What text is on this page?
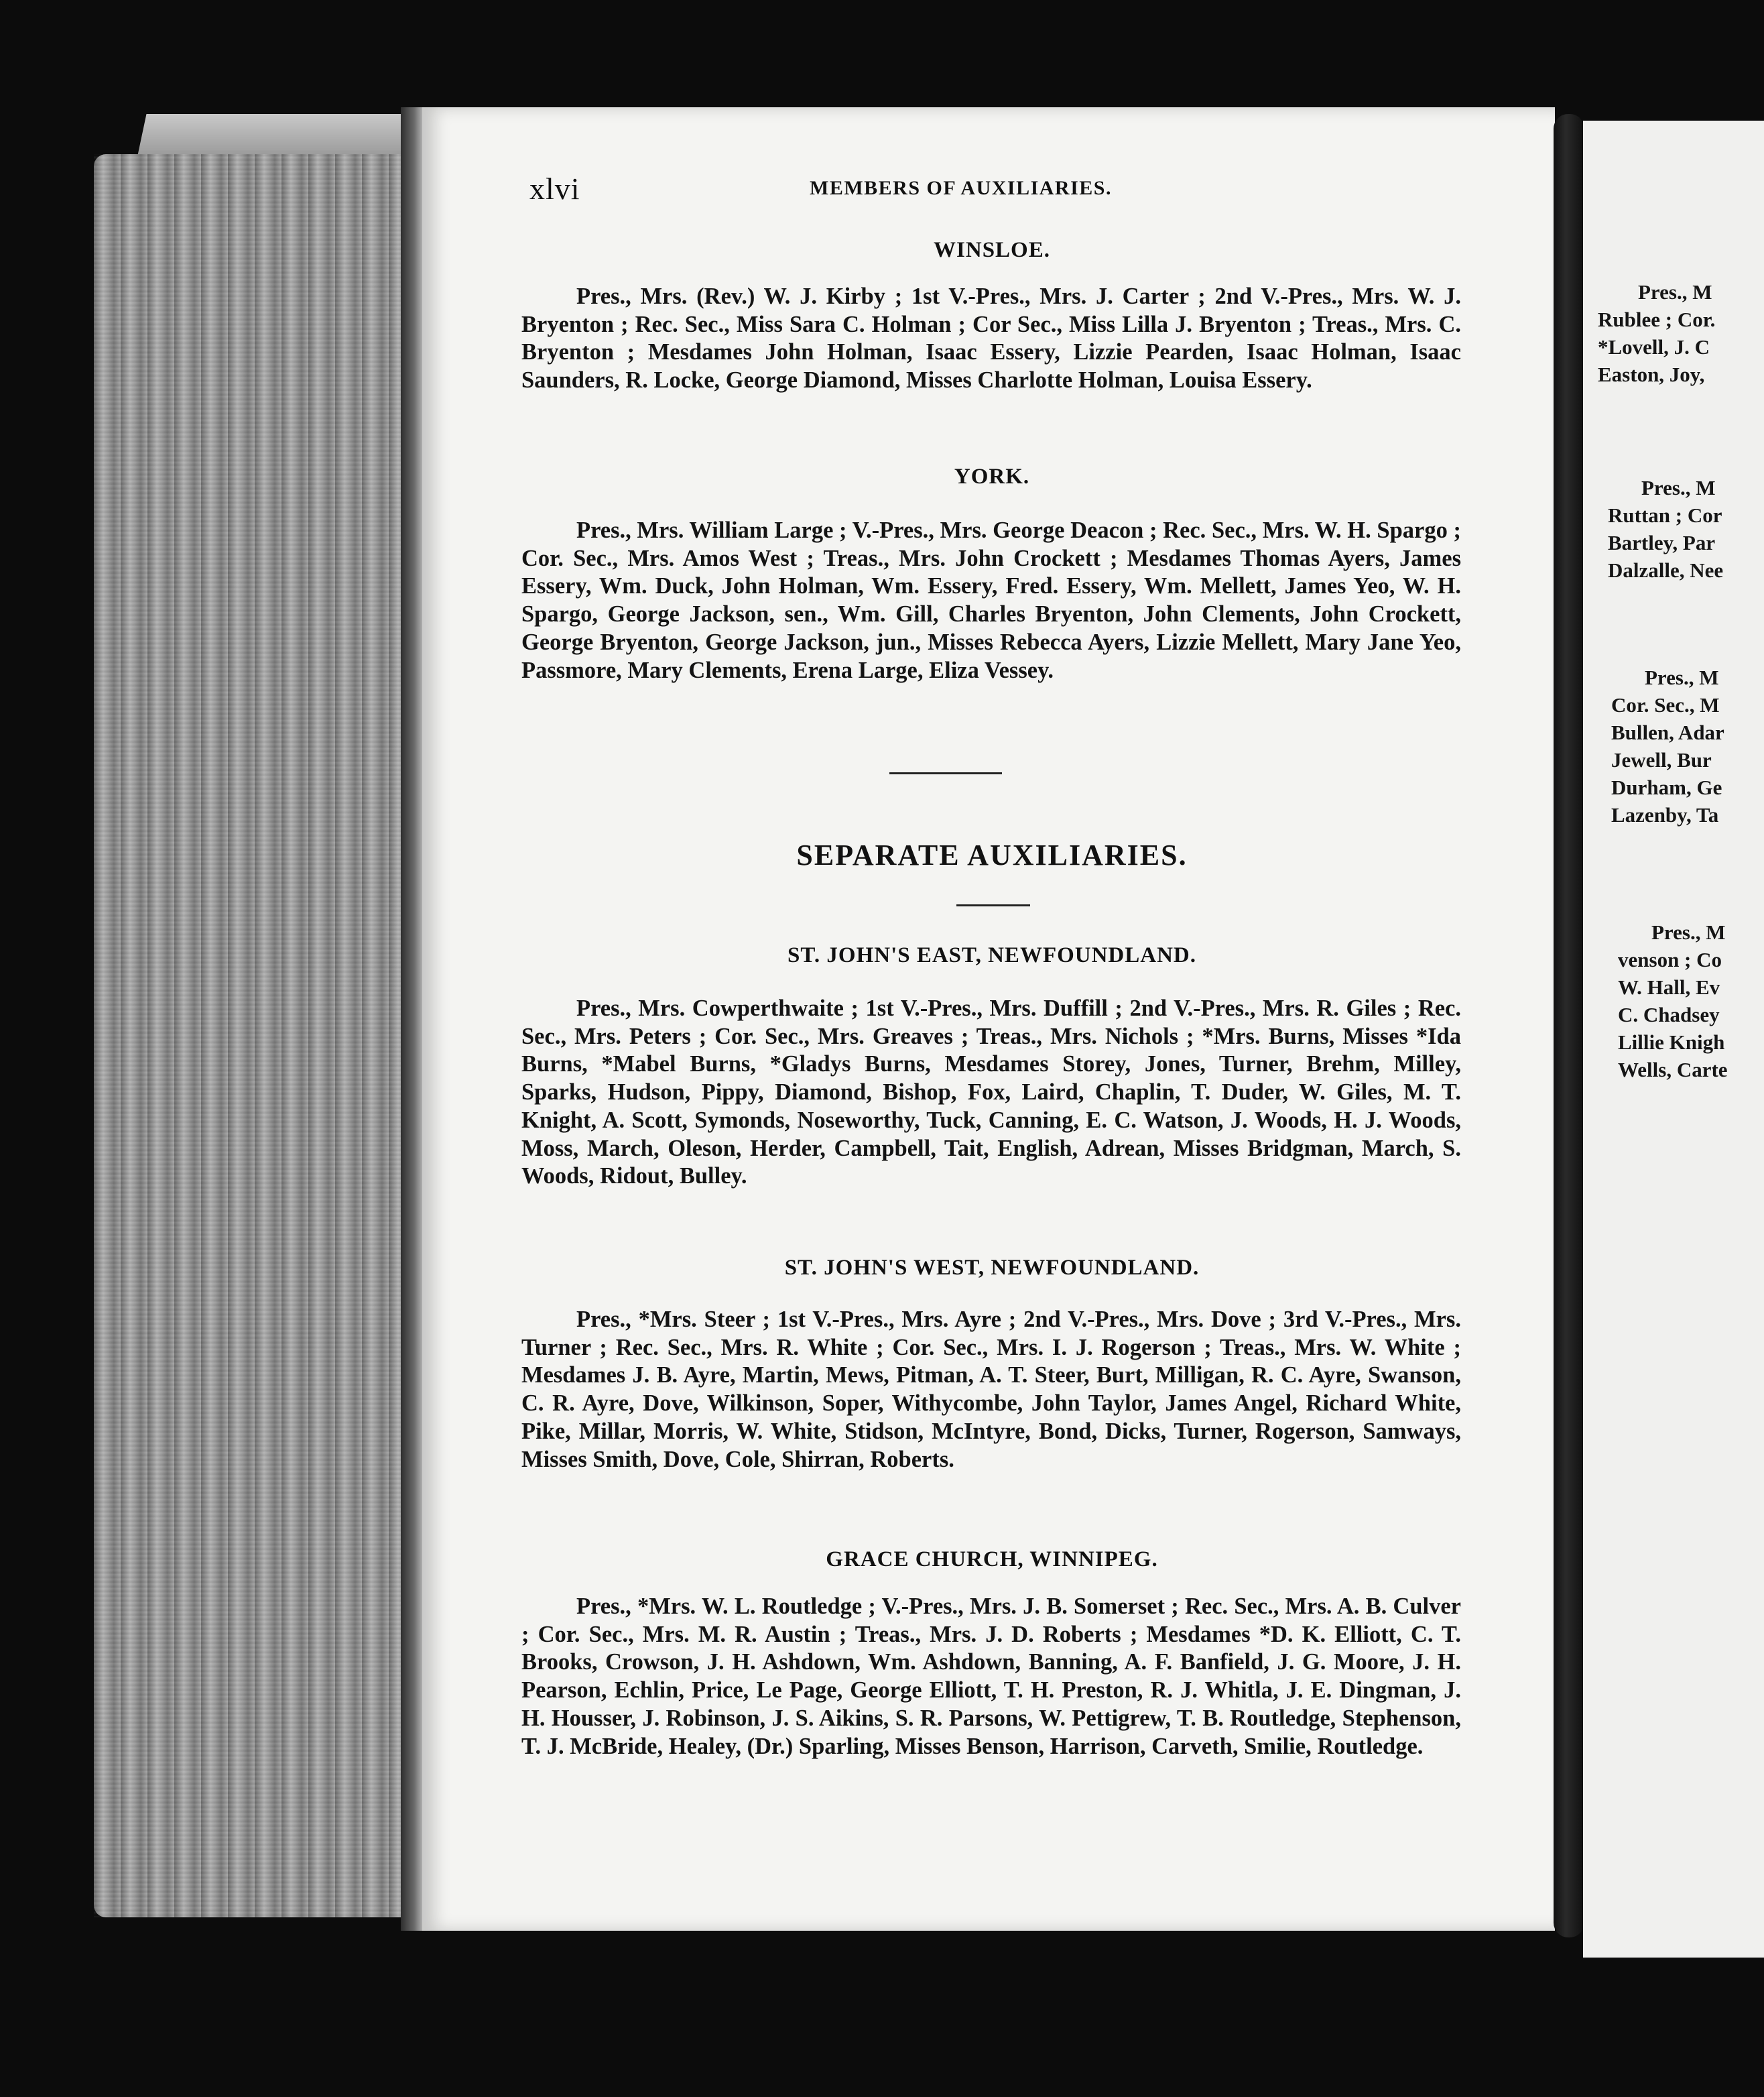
Pres., M
Rublee ; Cor.
*Lovell, J. C
Easton, Joy,
Pres., M
Ruttan ; Cor
Bartley, Par
Dalzalle, Nee
Pres., M
Cor. Sec., M
Bullen, Adar
Jewell, Bur
Durham, Ge
Lazenby, Ta
Pres., M
venson ; Co
W. Hall, Ev
C. Chadsey
Lillie Knigh
Wells, Carte
xlvi	MEMBERS OF AUXILIARIES.
WINSLOE.
Pres., Mrs. (Rev.) W. J. Kirby ; 1st V.-Pres., Mrs. J. Carter ; 2nd V.-Pres., Mrs. W. J. Bryenton ; Rec. Sec., Miss Sara C. Holman ; Cor Sec., Miss Lilla J. Bryenton ; Treas., Mrs. C. Bryenton ; Mesdames John Holman, Isaac Essery, Lizzie Pearden, Isaac Holman, Isaac Saunders, R. Locke, George Diamond, Misses Charlotte Holman, Louisa Essery.
YORK.
Pres., Mrs. William Large ; V.-Pres., Mrs. George Deacon ; Rec. Sec., Mrs. W. H. Spargo ; Cor. Sec., Mrs. Amos West ; Treas., Mrs. John Crockett ; Mesdames Thomas Ayers, James Essery, Wm. Duck, John Holman, Wm. Essery, Fred. Essery, Wm. Mellett, James Yeo, W. H. Spargo, George Jackson, sen., Wm. Gill, Charles Bryenton, John Clements, John Crockett, George Bryenton, George Jackson, jun., Misses Rebecca Ayers, Lizzie Mellett, Mary Jane Yeo, Passmore, Mary Clements, Erena Large, Eliza Vessey.
SEPARATE AUXILIARIES.
ST. JOHN'S EAST, NEWFOUNDLAND.
Pres., Mrs. Cowperthwaite ; 1st V.-Pres., Mrs. Duffill ; 2nd V.-Pres., Mrs. R. Giles ; Rec. Sec., Mrs. Peters ; Cor. Sec., Mrs. Greaves ; Treas., Mrs. Nichols ; *Mrs. Burns, Misses *Ida Burns, *Mabel Burns, *Gladys Burns, Mesdames Storey, Jones, Turner, Brehm, Milley, Sparks, Hudson, Pippy, Diamond, Bishop, Fox, Laird, Chaplin, T. Duder, W. Giles, M. T. Knight, A. Scott, Symonds, Noseworthy, Tuck, Canning, E. C. Watson, J. Woods, H. J. Woods, Moss, March, Oleson, Herder, Campbell, Tait, English, Adrean, Misses Bridgman, March, S. Woods, Ridout, Bulley.
ST. JOHN'S WEST, NEWFOUNDLAND.
Pres., *Mrs. Steer ; 1st V.-Pres., Mrs. Ayre ; 2nd V.-Pres., Mrs. Dove ; 3rd V.-Pres., Mrs. Turner ; Rec. Sec., Mrs. R. White ; Cor. Sec., Mrs. I. J. Rogerson ; Treas., Mrs. W. White ; Mesdames J. B. Ayre, Martin, Mews, Pitman, A. T. Steer, Burt, Milligan, R. C. Ayre, Swanson, C. R. Ayre, Dove, Wilkinson, Soper, Withycombe, John Taylor, James Angel, Richard White, Pike, Millar, Morris, W. White, Stidson, McIntyre, Bond, Dicks, Turner, Rogerson, Samways, Misses Smith, Dove, Cole, Shirran, Roberts.
GRACE CHURCH, WINNIPEG.
Pres., *Mrs. W. L. Routledge ; V.-Pres., Mrs. J. B. Somerset ; Rec. Sec., Mrs. A. B. Culver ; Cor. Sec., Mrs. M. R. Austin ; Treas., Mrs. J. D. Roberts ; Mesdames *D. K. Elliott, C. T. Brooks, Crowson, J. H. Ashdown, Wm. Ashdown, Banning, A. F. Banfield, J. G. Moore, J. H. Pearson, Echlin, Price, Le Page, George Elliott, T. H. Preston, R. J. Whitla, J. E. Dingman, J. H. Housser, J. Robinson, J. S. Aikins, S. R. Parsons, W. Pettigrew, T. B. Routledge, Stephenson, T. J. McBride, Healey, (Dr.) Sparling, Misses Benson, Harrison, Carveth, Smilie, Routledge.
